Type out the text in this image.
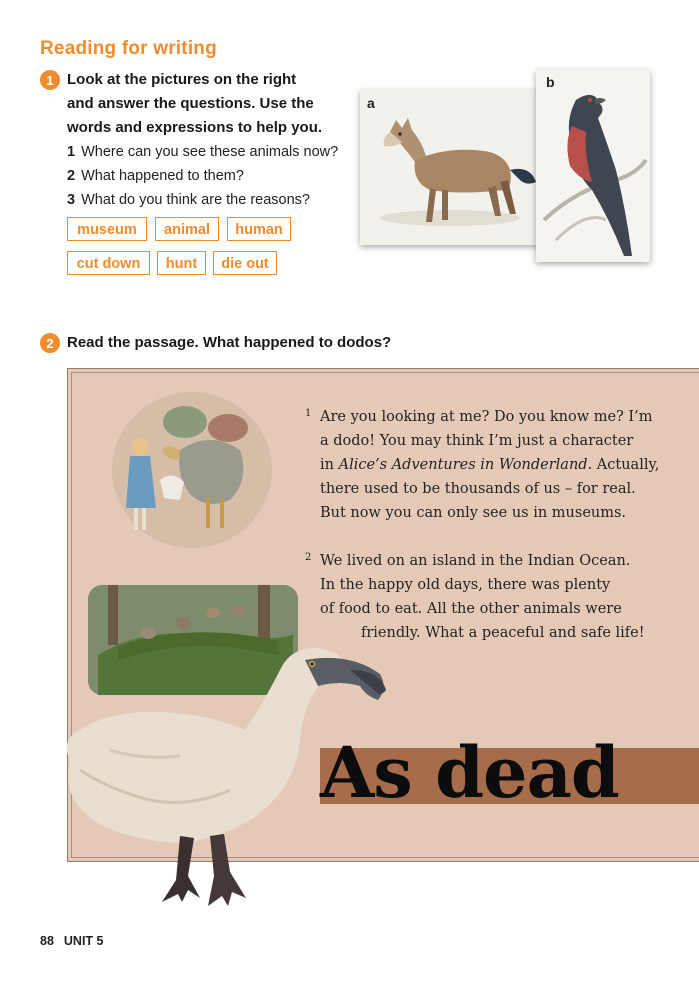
Reading for writing
1 Look at the pictures on the right
and answer the questions. Use the
words and expressions to help you.
1 Where can you see these animals now?
2 What happened to them?
3 What do you think are the reasons?
museum	animal	human
cut down	hunt	die out
a
b
2 Read the passage. What happened to dodos?
1 Are you looking at me? Do you know me? I’m
a dodo! You may think I’m just a character
in Alice’s Adventures in Wonderland. Actually,
there used to be thousands of us – for real.
But now you can only see us in museums.
2 We lived on an island in the Indian Ocean.
In the happy old days, there was plenty
of food to eat. All the other animals were
friendly. What a peaceful and safe life!
As dead
88 UNIT 5
